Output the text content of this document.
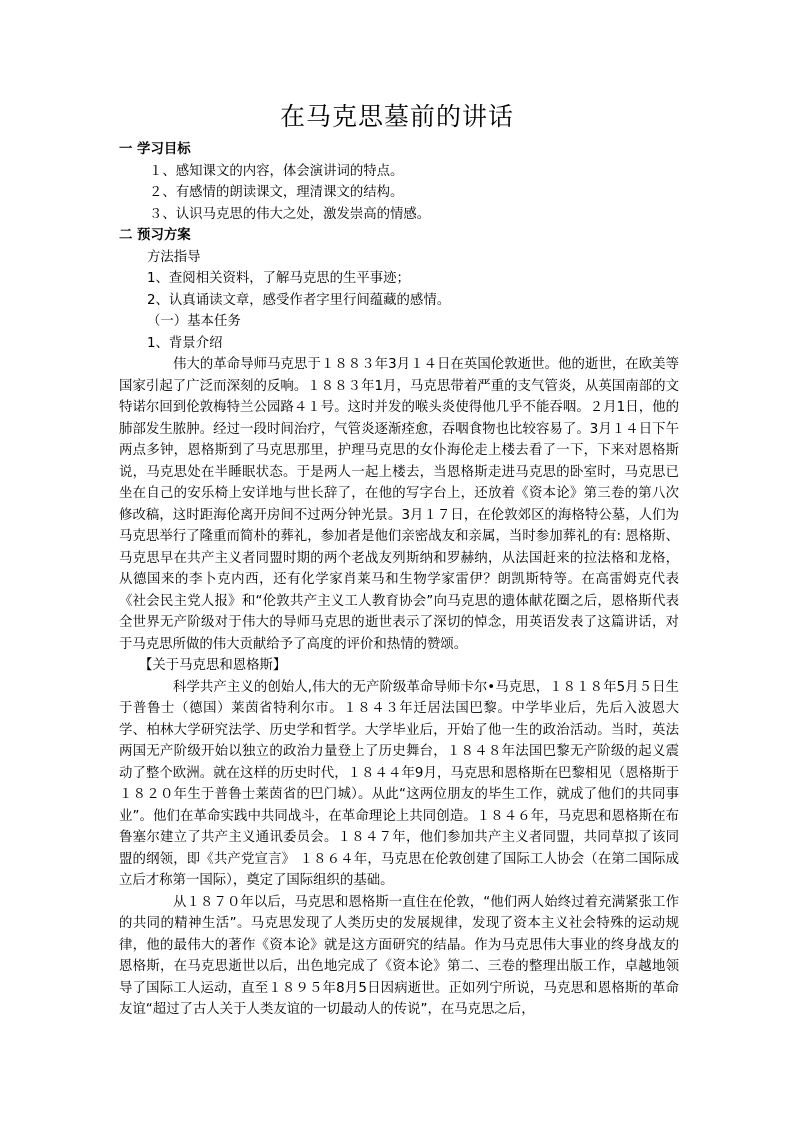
在马克思墓前的讲话
一 学习目标
１、感知课文的内容，体会演讲词的特点。
２、有感情的朗读课文，理清课文的结构。
３、认识马克思的伟大之处，激发崇高的情感。
二 预习方案
方法指导
1、查阅相关资料，了解马克思的生平事迹；
2、认真诵读文章，感受作者字里行间蕴藏的感情。
（一）基本任务
1、背景介绍

伟大的革命导师马克思于１８８３年3月１４日在英国伦敦逝世。他的逝世，在欧美等国家引起了广泛而深刻的反响。１８８３年1月，马克思带着严重的支气管炎，从英国南部的文特诺尔回到伦敦梅特兰公园路４１号。这时并发的喉头炎使得他几乎不能吞咽。２月1日，他的肺部发生脓肿。经过一段时间治疗，气管炎逐渐痊愈，吞咽食物也比较容易了。3月１４日下午两点多钟，恩格斯到了马克思那里，护理马克思的女仆海伦走上楼去看了一下，下来对恩格斯说，马克思处在半睡眠状态。于是两人一起上楼去，当恩格斯走进马克思的卧室时，马克思已坐在自己的安乐椅上安详地与世长辞了，在他的写字台上，还放着《资本论》第三卷的第八次修改稿，这时距海伦离开房间不过两分钟光景。3月１７日，在伦敦郊区的海格特公墓，人们为马克思举行了隆重而简朴的葬礼，参加者是他们亲密战友和亲属，当时参加葬礼的有: 恩格斯、马克思早在共产主义者同盟时期的两个老战友列斯纳和罗赫纳，从法国赶来的拉法格和龙格，从德国来的李卜克内西，还有化学家肖莱马和生物学家雷伊？朗凯斯特等。在高雷姆克代表《社会民主党人报》和“伦敦共产主义工人教育协会”向马克思的遗体献花圈之后，恩格斯代表全世界无产阶级对于伟大的导师马克思的逝世表示了深切的悼念，用英语发表了这篇讲话，对于马克思所做的伟大贡献给予了高度的评价和热情的赞颂。

【关于马克思和恩格斯】

科学共产主义的创始人,伟大的无产阶级革命导师卡尔•马克思，１８１８年5月５日生于普鲁士（德国）莱茵省特利尔市。１８４３年迁居法国巴黎。中学毕业后，先后入波恩大学、柏林大学研究法学、历史学和哲学。大学毕业后，开始了他一生的政治活动。当时，英法两国无产阶级开始以独立的政治力量登上了历史舞台，１８４８年法国巴黎无产阶级的起义震动了整个欧洲。就在这样的历史时代，１８４４年9月，马克思和恩格斯在巴黎相见（恩格斯于１８２０年生于普鲁士莱茵省的巴门城）。从此“这两位朋友的毕生工作，就成了他们的共同事业”。他们在革命实践中共同战斗，在革命理论上共同创造。１８４６年，马克思和恩格斯在布鲁塞尔建立了共产主义通讯委员会。１８４７年，他们参加共产主义者同盟，共同草拟了该同盟的纲领，即《共产党宣言》 １８６４年，马克思在伦敦创建了国际工人协会（在第二国际成立后才称第一国际），奠定了国际组织的基础。

从１８７０年以后，马克思和恩格斯一直住在伦敦，“他们两人始终过着充满紧张工作的共同的精神生活”。马克思发现了人类历史的发展规律，发现了资本主义社会特殊的运动规律，他的最伟大的著作《资本论》就是这方面研究的结晶。作为马克思伟大事业的终身战友的恩格斯，在马克思逝世以后，出色地完成了《资本论》第二、三卷的整理出版工作，卓越地领导了国际工人运动，直至１８９５年8月5日因病逝世。正如列宁所说，马克思和恩格斯的革命友谊“超过了古人关于人类友谊的一切最动人的传说”，在马克思之后，
